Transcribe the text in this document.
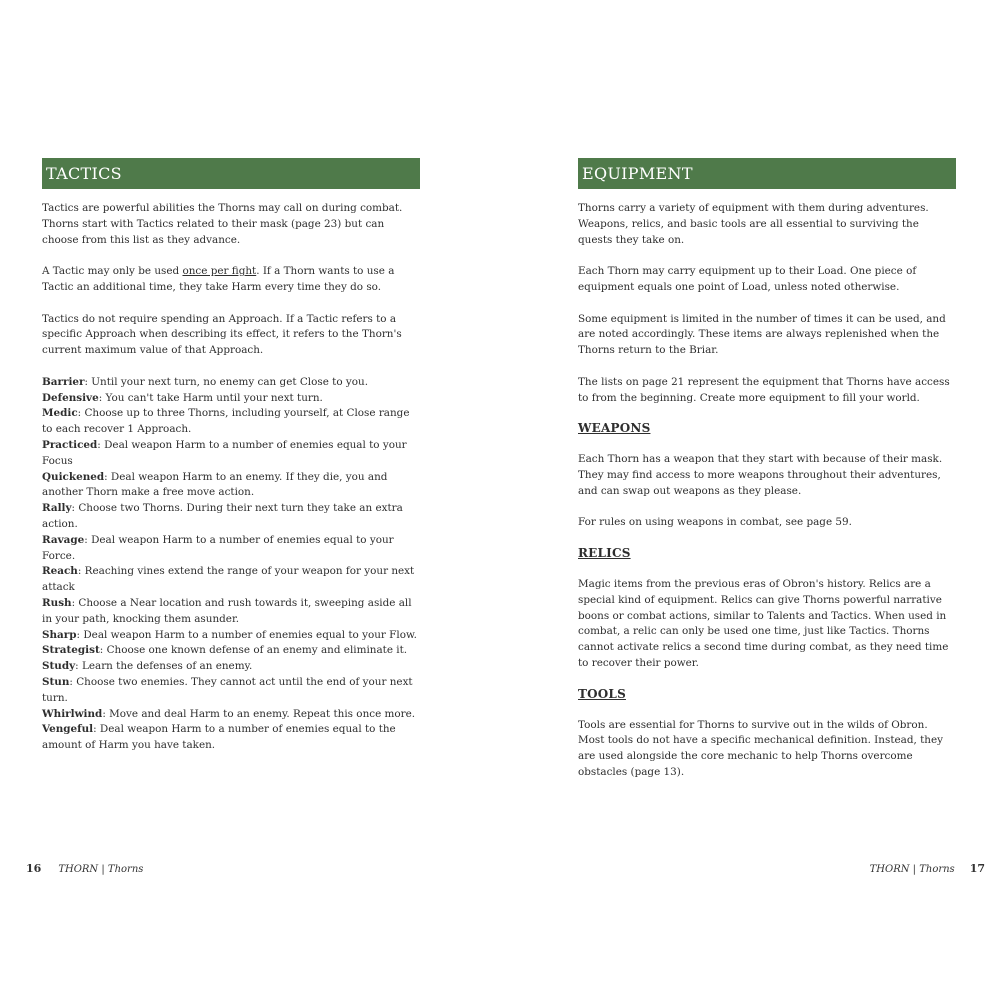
TACTICS

Tactics are powerful abilities the Thorns may call on during combat. Thorns start with Tactics related to their mask (page 23) but can choose from this list as they advance.

A Tactic may only be used once per fight. If a Thorn wants to use a Tactic an additional time, they take Harm every time they do so.

Tactics do not require spending an Approach. If a Tactic refers to a specific Approach when describing its effect, it refers to the Thorn's current maximum value of that Approach.

Barrier: Until your next turn, no enemy can get Close to you.

Defensive: You can't take Harm until your next turn.

Medic: Choose up to three Thorns, including yourself, at Close range to each recover 1 Approach.

Practiced: Deal weapon Harm to a number of enemies equal to your Focus

Quickened: Deal weapon Harm to an enemy. If they die, you and another Thorn make a free move action.

Rally: Choose two Thorns. During their next turn they take an extra action.

Ravage: Deal weapon Harm to a number of enemies equal to your Force.

Reach: Reaching vines extend the range of your weapon for your next attack

Rush: Choose a Near location and rush towards it, sweeping aside all in your path, knocking them asunder.

Sharp: Deal weapon Harm to a number of enemies equal to your Flow.

Strategist: Choose one known defense of an enemy and eliminate it.

Study: Learn the defenses of an enemy.

Stun: Choose two enemies. They cannot act until the end of your next turn.

Whirlwind: Move and deal Harm to an enemy. Repeat this once more.

Vengeful: Deal weapon Harm to a number of enemies equal to the amount of Harm you have taken.

16 THORN | Thorns
EQUIPMENT

Thorns carry a variety of equipment with them during adventures. Weapons, relics, and basic tools are all essential to surviving the quests they take on.

Each Thorn may carry equipment up to their Load. One piece of equipment equals one point of Load, unless noted otherwise.

Some equipment is limited in the number of times it can be used, and are noted accordingly. These items are always replenished when the Thorns return to the Briar.

The lists on page 21 represent the equipment that Thorns have access to from the beginning. Create more equipment to fill your world.

WEAPONS

Each Thorn has a weapon that they start with because of their mask. They may find access to more weapons throughout their adventures, and can swap out weapons as they please.

For rules on using weapons in combat, see page 59.

RELICS

Magic items from the previous eras of Obron's history. Relics are a special kind of equipment. Relics can give Thorns powerful narrative boons or combat actions, similar to Talents and Tactics. When used in combat, a relic can only be used one time, just like Tactics. Thorns cannot activate relics a second time during combat, as they need time to recover their power.

TOOLS

Tools are essential for Thorns to survive out in the wilds of Obron. Most tools do not have a specific mechanical definition. Instead, they are used alongside the core mechanic to help Thorns overcome obstacles (page 13).

THORN | Thorns 17
